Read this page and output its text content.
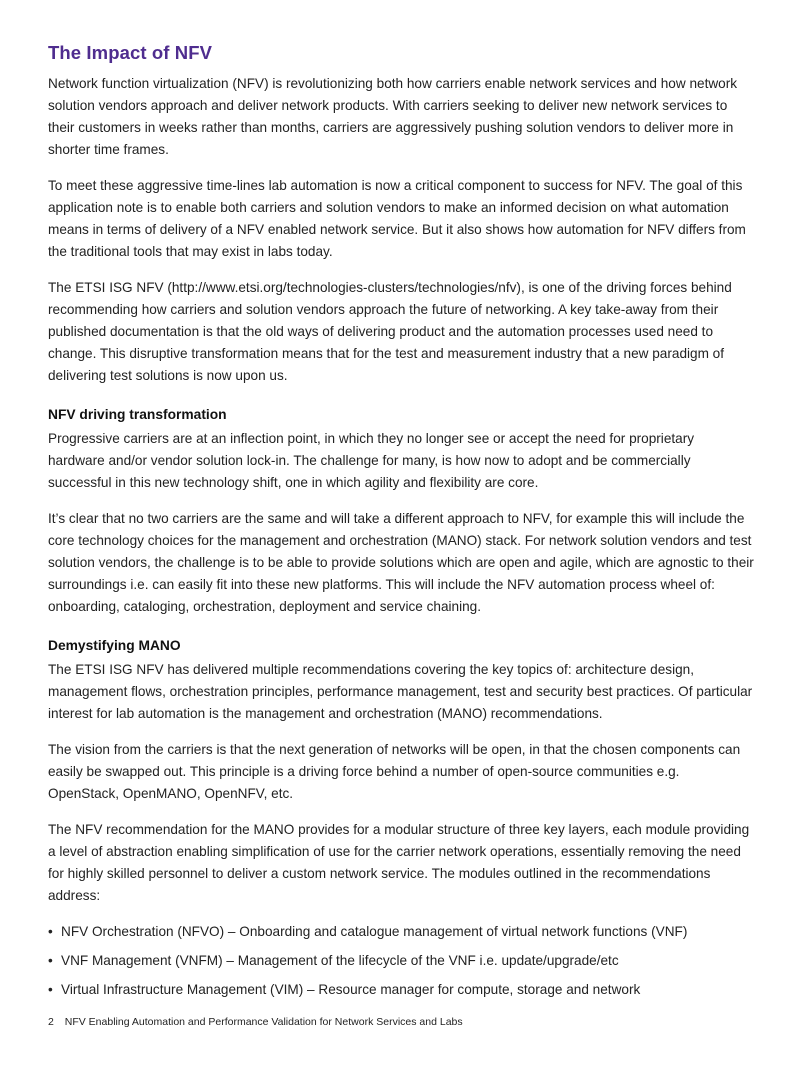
The Impact of NFV

Network function virtualization (NFV) is revolutionizing both how carriers enable network services and how network solution vendors approach and deliver network products. With carriers seeking to deliver new network services to their customers in weeks rather than months, carriers are aggressively pushing solution vendors to deliver more in shorter time frames.

To meet these aggressive time-lines lab automation is now a critical component to success for NFV. The goal of this application note is to enable both carriers and solution vendors to make an informed decision on what automation means in terms of delivery of a NFV enabled network service. But it also shows how automation for NFV differs from the traditional tools that may exist in labs today.

The ETSI ISG NFV (http://www.etsi.org/technologies-clusters/technologies/nfv), is one of the driving forces behind recommending how carriers and solution vendors approach the future of networking. A key take-away from their published documentation is that the old ways of delivering product and the automation processes used need to change. This disruptive transformation means that for the test and measurement industry that a new paradigm of delivering test solutions is now upon us.

NFV driving transformation

Progressive carriers are at an inflection point, in which they no longer see or accept the need for proprietary hardware and/or vendor solution lock-in. The challenge for many, is how now to adopt and be commercially successful in this new technology shift, one in which agility and flexibility are core.

It’s clear that no two carriers are the same and will take a different approach to NFV, for example this will include the core technology choices for the management and orchestration (MANO) stack. For network solution vendors and test solution vendors, the challenge is to be able to provide solutions which are open and agile, which are agnostic to their surroundings i.e. can easily fit into these new platforms. This will include the NFV automation process wheel of: onboarding, cataloging, orchestration, deployment and service chaining.

Demystifying MANO

The ETSI ISG NFV has delivered multiple recommendations covering the key topics of: architecture design, management flows, orchestration principles, performance management, test and security best practices. Of particular interest for lab automation is the management and orchestration (MANO) recommendations.

The vision from the carriers is that the next generation of networks will be open, in that the chosen components can easily be swapped out. This principle is a driving force behind a number of open-source communities e.g. OpenStack, OpenMANO, OpenNFV, etc.

The NFV recommendation for the MANO provides for a modular structure of three key layers, each module providing a level of abstraction enabling simplification of use for the carrier network operations, essentially removing the need for highly skilled personnel to deliver a custom network service. The modules outlined in the recommendations address:

• NFV Orchestration (NFVO) – Onboarding and catalogue management of virtual network functions (VNF)
• VNF Management (VNFM) – Management of the lifecycle of the VNF i.e. update/upgrade/etc
• Virtual Infrastructure Management (VIM) – Resource manager for compute, storage and network
2 NFV Enabling Automation and Performance Validation for Network Services and Labs
